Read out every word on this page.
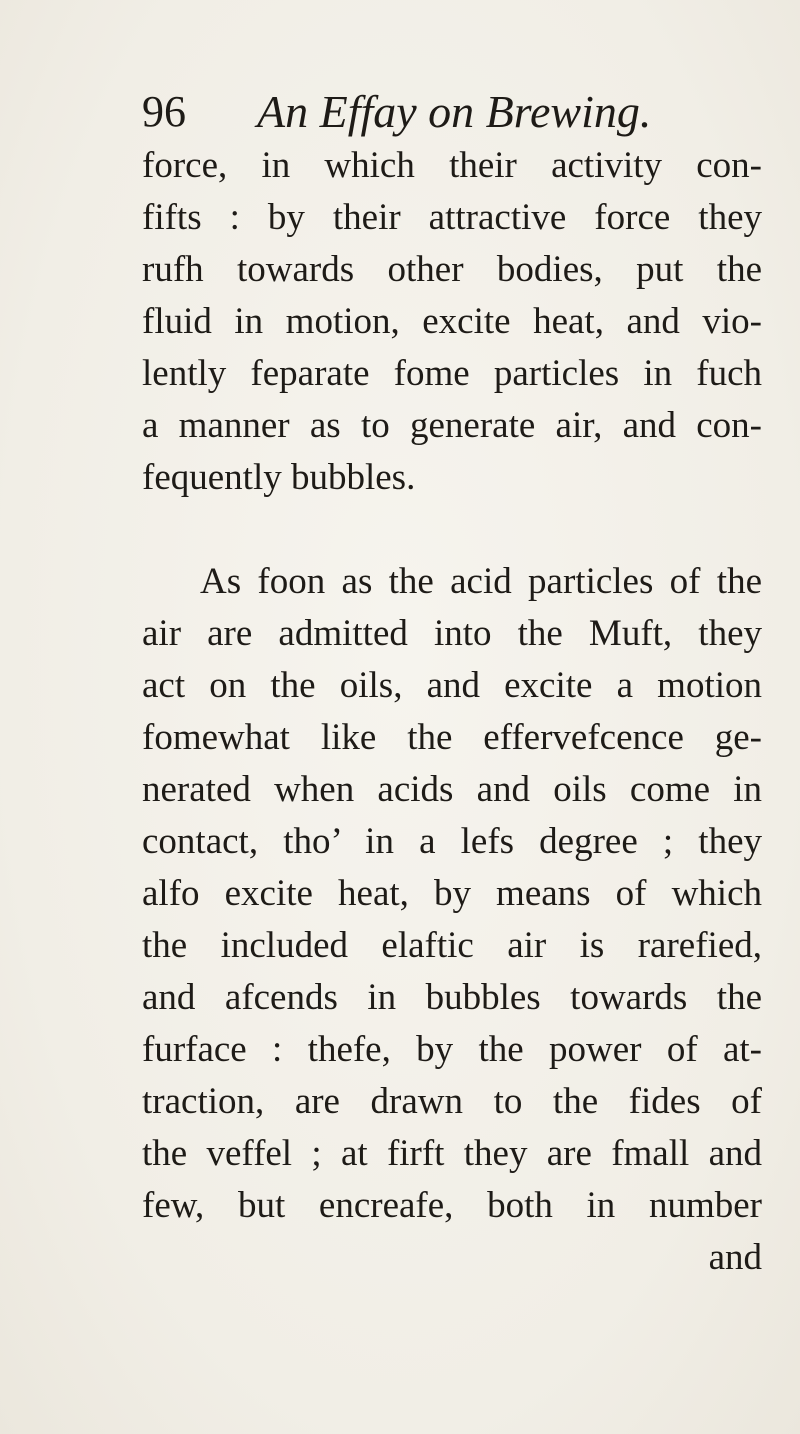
96 An Effay on Brewing.
force, in which their activity con-
fifts : by their attractive force they
rufh towards other bodies, put the
fluid in motion, excite heat, and vio-
lently feparate fome particles in fuch
a manner as to generate air, and con-
fequently bubbles.
As foon as the acid particles of the
air are admitted into the Muft, they
act on the oils, and excite a motion
fomewhat like the effervefcence ge-
nerated when acids and oils come in
contact, tho’ in a lefs degree ; they
alfo excite heat, by means of which
the included elaftic air is rarefied,
and afcends in bubbles towards the
furface : thefe, by the power of at-
traction, are drawn to the fides of
the veffel ; at firft they are fmall and
few, but encreafe, both in number
and
